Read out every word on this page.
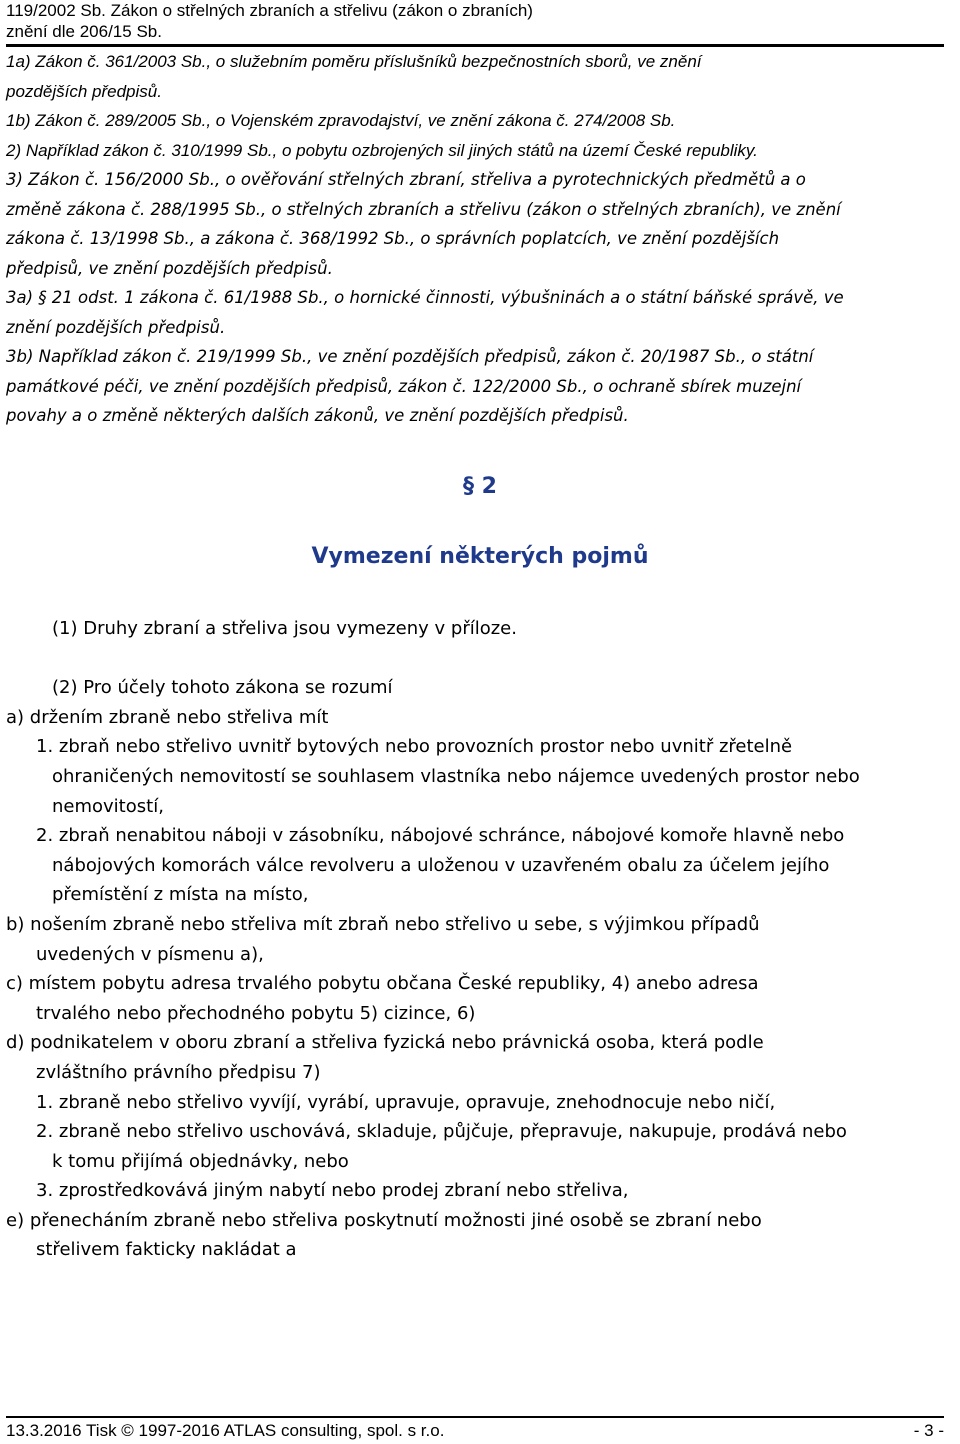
119/2002 Sb. Zákon o střelných zbraních a střelivu (zákon o zbraních)
znění dle 206/15 Sb.
1a) Zákon č. 361/2003 Sb., o služebním poměru příslušníků bezpečnostních sborů, ve znění
pozdějších předpisů.
1b) Zákon č. 289/2005 Sb., o Vojenském zpravodajství, ve znění zákona č. 274/2008 Sb.
2) Například zákon č. 310/1999 Sb., o pobytu ozbrojených sil jiných států na území České republiky.
3) Zákon č. 156/2000 Sb., o ověřování střelných zbraní, střeliva a pyrotechnických předmětů a o
změně zákona č. 288/1995 Sb., o střelných zbraních a střelivu (zákon o střelných zbraních), ve znění
zákona č. 13/1998 Sb., a zákona č. 368/1992 Sb., o správních poplatcích, ve znění pozdějších
předpisů, ve znění pozdějších předpisů.
3a) § 21 odst. 1 zákona č. 61/1988 Sb., o hornické činnosti, výbušninách a o státní báňské správě, ve
znění pozdějších předpisů.
3b) Například zákon č. 219/1999 Sb., ve znění pozdějších předpisů, zákon č. 20/1987 Sb., o státní
památkové péči, ve znění pozdějších předpisů, zákon č. 122/2000 Sb., o ochraně sbírek muzejní
povahy a o změně některých dalších zákonů, ve znění pozdějších předpisů.
§ 2
Vymezení některých pojmů
(1) Druhy zbraní a střeliva jsou vymezeny v příloze.
(2) Pro účely tohoto zákona se rozumí
a) držením zbraně nebo střeliva mít
1. zbraň nebo střelivo uvnitř bytových nebo provozních prostor nebo uvnitř zřetelně
ohraničených nemovitostí se souhlasem vlastníka nebo nájemce uvedených prostor nebo
nemovitostí,
2. zbraň nenabitou náboji v zásobníku, nábojové schránce, nábojové komoře hlavně nebo
nábojových komorách válce revolveru a uloženou v uzavřeném obalu za účelem jejího
přemístění z místa na místo,
b) nošením zbraně nebo střeliva mít zbraň nebo střelivo u sebe, s výjimkou případů
uvedených v písmenu a),
c) místem pobytu adresa trvalého pobytu občana České republiky, 4) anebo adresa
trvalého nebo přechodného pobytu 5) cizince, 6)
d) podnikatelem v oboru zbraní a střeliva fyzická nebo právnická osoba, která podle
zvláštního právního předpisu 7)
1. zbraně nebo střelivo vyvíjí, vyrábí, upravuje, opravuje, znehodnocuje nebo ničí,
2. zbraně nebo střelivo uschovává, skladuje, půjčuje, přepravuje, nakupuje, prodává nebo
k tomu přijímá objednávky, nebo
3. zprostředkovává jiným nabytí nebo prodej zbraní nebo střeliva,
e) přenecháním zbraně nebo střeliva poskytnutí možnosti jiné osobě se zbraní nebo
střelivem fakticky nakládat a
13.3.2016 Tisk © 1997-2016 ATLAS consulting, spol. s r.o.	- 3 -
